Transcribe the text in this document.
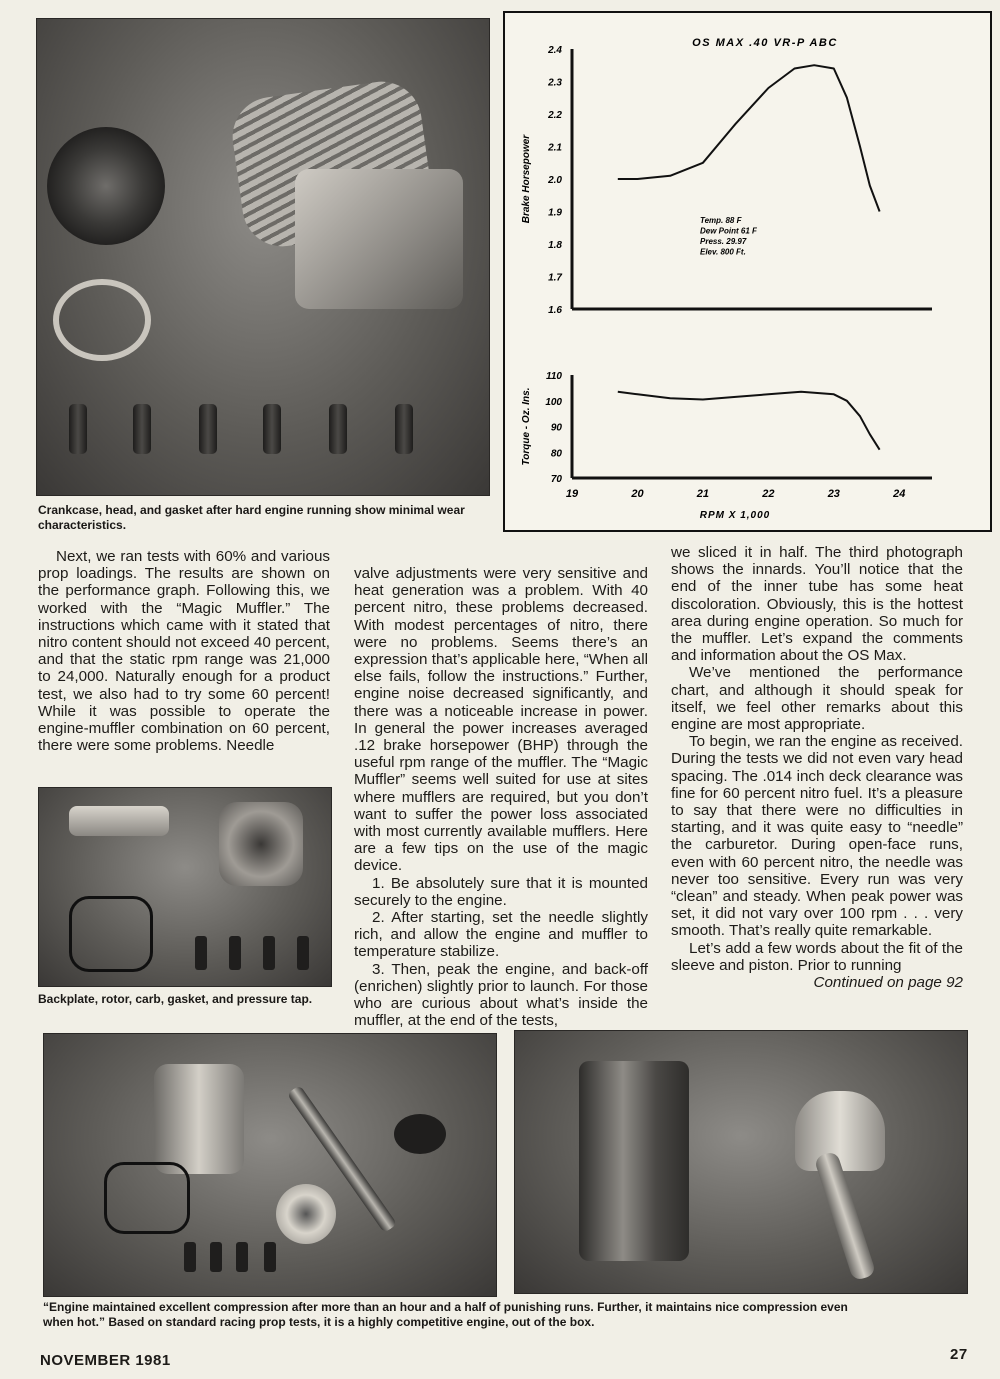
Crankcase, head, and gasket after hard engine running show minimal wear characteristics.
OS MAX .40 VR-P ABC
1.6
1.7
1.8
1.9
2.0
2.1
2.2
2.3
2.4
Brake Horsepower
70
80
90
100
110
Torque - Oz. Ins.
19	20	21	22	23	24
RPM X 1,000
Temp. 88 F
Dew Point 61 F
Press. 29.97
Elev. 800 Ft.

Next, we ran tests with 60% and various prop loadings. The results are shown on the performance graph. Following this, we worked with the “Magic Muffler.” The instructions which came with it stated that nitro content should not exceed 40 percent, and that the static rpm range was 21,000 to 24,000. Naturally enough for a product test, we also had to try some 60 percent! While it was possible to operate the engine-muffler combination on 60 percent, there were some problems. Needle

valve adjustments were very sensitive and heat generation was a problem. With 40 percent nitro, these problems decreased. With modest percentages of nitro, there were no problems. Seems there’s an expression that’s applicable here, “When all else fails, follow the instructions.” Further, engine noise decreased significantly, and there was a noticeable increase in power. In general the power increases averaged .12 brake horsepower (BHP) through the useful rpm range of the muffler. The “Magic Muffler” seems well suited for use at sites where mufflers are required, but you don’t want to suffer the power loss associated with most currently available mufflers. Here are a few tips on the use of the magic device.

1. Be absolutely sure that it is mounted securely to the engine.

2. After starting, set the needle slightly rich, and allow the engine and muffler to temperature stabilize.

3. Then, peak the engine, and back-off (enrichen) slightly prior to launch. For those who are curious about what’s inside the muffler, at the end of the tests,

we sliced it in half. The third photograph shows the innards. You’ll notice that the end of the inner tube has some heat discoloration. Obviously, this is the hottest area during engine operation. So much for the muffler. Let’s expand the comments and information about the OS Max.

We’ve mentioned the performance chart, and although it should speak for itself, we feel other remarks about this engine are most appropriate.

To begin, we ran the engine as received. During the tests we did not even vary head spacing. The .014 inch deck clearance was fine for 60 percent nitro fuel. It’s a pleasure to say that there were no difficulties in starting, and it was quite easy to “needle” the carburetor. During open-face runs, even with 60 percent nitro, the needle was never too sensitive. Every run was very “clean” and steady. When peak power was set, it did not vary over 100 rpm . . . very smooth. That’s really quite remarkable.

Let’s add a few words about the fit of the sleeve and piston. Prior to running

Continued on page 92

Backplate, rotor, carb, gasket, and pressure tap.
“Engine maintained excellent compression after more than an hour and a half of punishing runs. Further, it maintains nice compression even
when hot.” Based on standard racing prop tests, it is a highly competitive engine, out of the box.
NOVEMBER 1981	27
